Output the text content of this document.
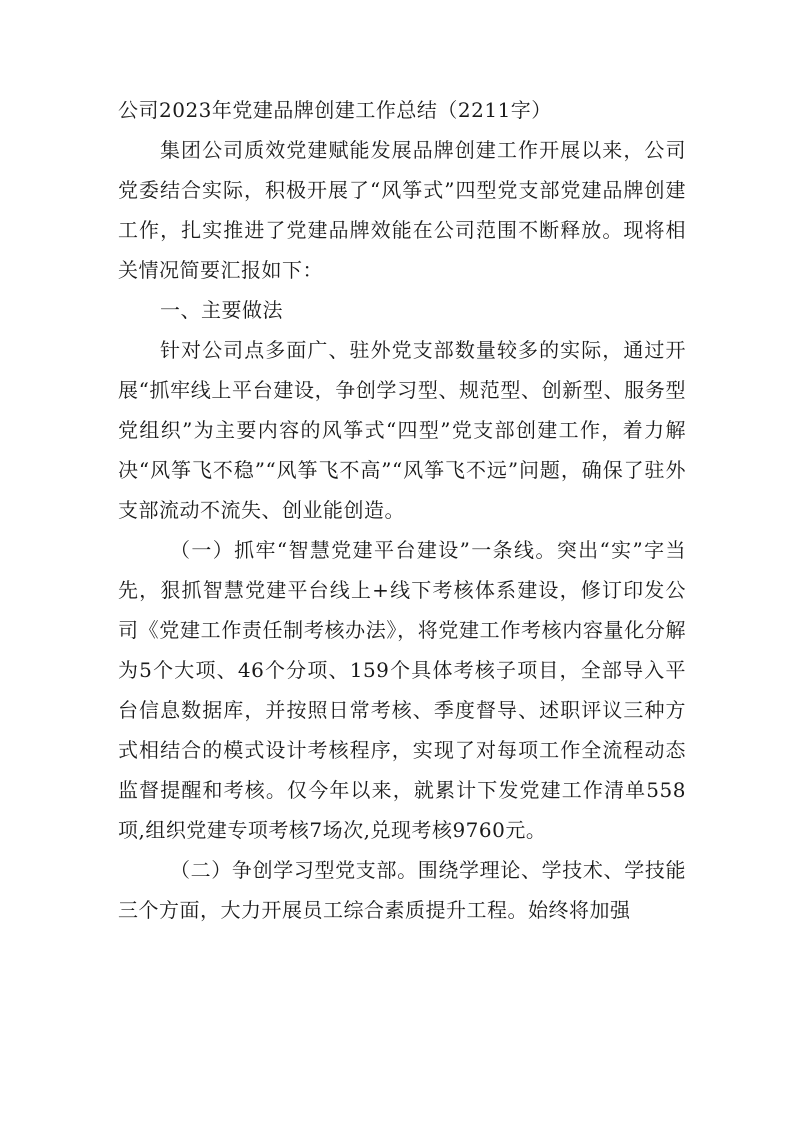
公司2023年党建品牌创建工作总结（2211字）

集团公司质效党建赋能发展品牌创建工作开展以来，公司党委结合实际，积极开展了“风筝式”四型党支部党建品牌创建工作，扎实推进了党建品牌效能在公司范围不断释放。现将相关情况简要汇报如下：

一、主要做法

针对公司点多面广、驻外党支部数量较多的实际，通过开展“抓牢线上平台建设，争创学习型、规范型、创新型、服务型党组织”为主要内容的风筝式“四型”党支部创建工作，着力解决“风筝飞不稳”“风筝飞不高”“风筝飞不远”问题，确保了驻外支部流动不流失、创业能创造。

（一）抓牢“智慧党建平台建设”一条线。突出“实”字当先，狠抓智慧党建平台线上+线下考核体系建设，修订印发公司《党建工作责任制考核办法》，将党建工作考核内容量化分解为5个大项、46个分项、159个具体考核子项目，全部导入平台信息数据库，并按照日常考核、季度督导、述职评议三种方式相结合的模式设计考核程序，实现了对每项工作全流程动态监督提醒和考核。仅今年以来，就累计下发党建工作清单558项,组织党建专项考核7场次,兑现考核9760元。

（二）争创学习型党支部。围绕学理论、学技术、学技能三个方面，大力开展员工综合素质提升工程。始终将加强
